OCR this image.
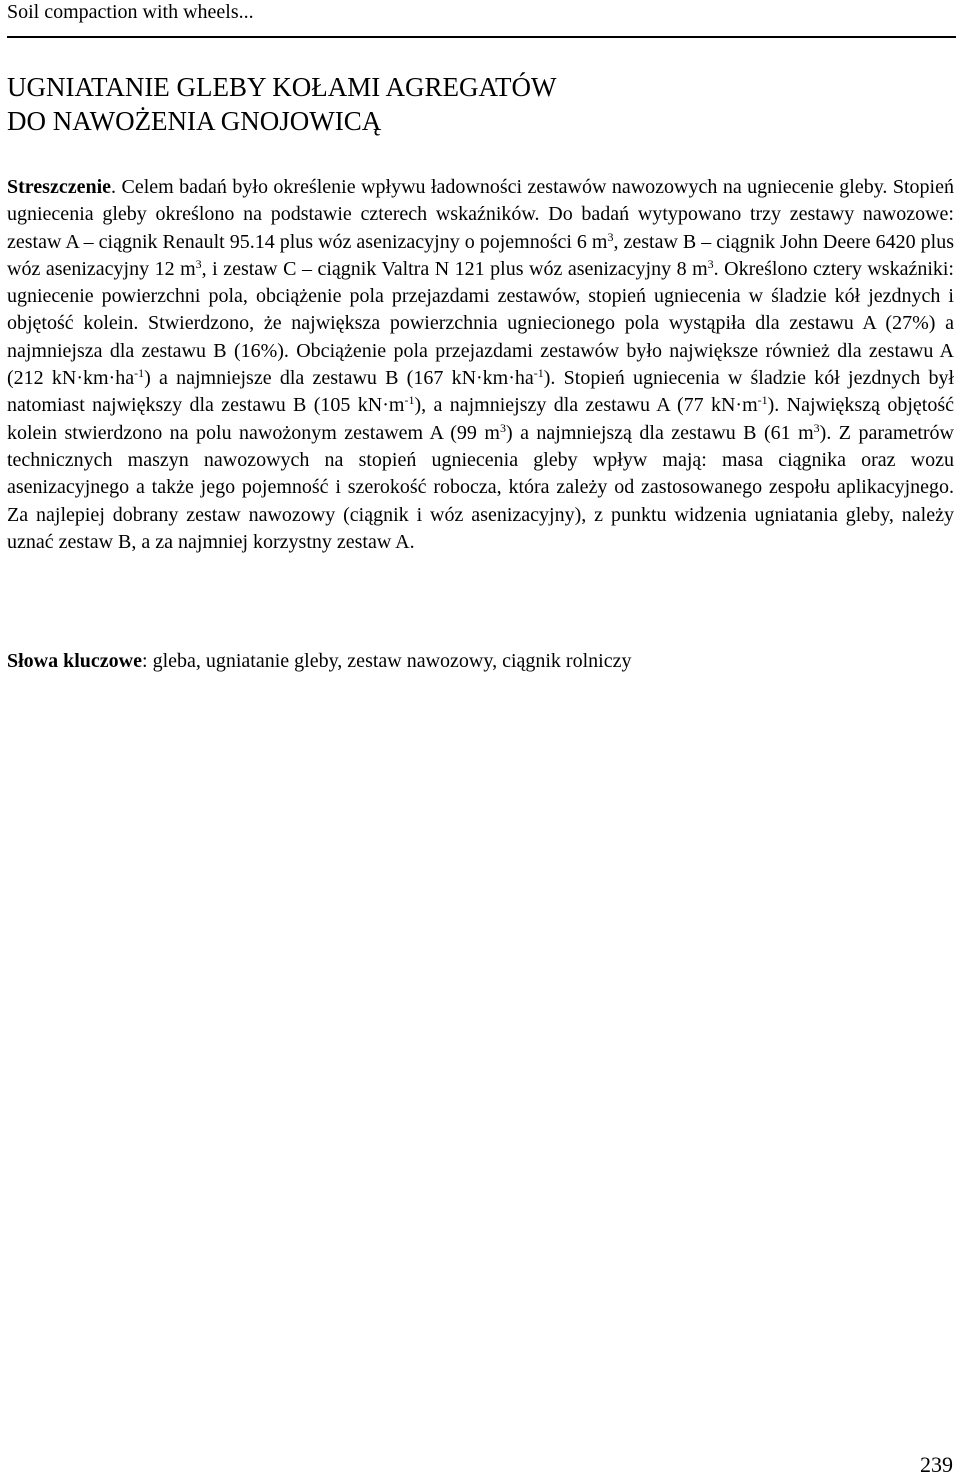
Soil compaction with wheels...
UGNIATANIE GLEBY KOŁAMI AGREGATÓW
DO NAWOŻENIA GNOJOWICĄ

Streszczenie. Celem badań było określenie wpływu ładowności zestawów nawozowych na ugniecenie gleby. Stopień ugniecenia gleby określono na podstawie czterech wskaźników. Do badań wytypowano trzy zestawy nawozowe: zestaw A – ciągnik Renault 95.14 plus wóz asenizacyjny o pojemności 6 $m^3$, zestaw B – ciągnik John Deere 6420 plus wóz asenizacyjny 12 $m^3$, i zestaw C – ciągnik Valtra N 121 plus wóz asenizacyjny 8 $m^3$. Określono cztery wskaźniki: ugniecenie powierzchni pola, obciążenie pola przejazdami zestawów, stopień ugniecenia w śladzie kół jezdnych i objętość kolein. Stwierdzono, że największa powierzchnia ugniecionego pola wystąpiła dla zestawu A (27%) a najmniejsza dla zestawu B (16%). Obciążenie pola przejazdami zestawów było największe również dla zestawu A (212 $kN\cdot km\cdot ha^{-1}$) a najmniejsze dla zestawu B (167 $kN\cdot km\cdot ha^{-1}$). Stopień ugniecenia w śladzie kół jezdnych był natomiast największy dla zestawu B (105 $kN\cdot m^{-1}$), a najmniejszy dla zestawu A (77 $kN\cdot m^{-1}$). Największą objętość kolein stwierdzono na polu nawożonym zestawem A (99 $m^3$) a najmniejszą dla zestawu B (61 $m^3$). Z parametrów technicznych maszyn nawozowych na stopień ugniecenia gleby wpływ mają: masa ciągnika oraz wozu asenizacyjnego a także jego pojemność i szerokość robocza, która zależy od zastosowanego zespołu aplikacyjnego. Za najlepiej dobrany zestaw nawozowy (ciągnik i wóz asenizacyjny), z punktu widzenia ugniatania gleby, należy uznać zestaw B, a za najmniej korzystny zestaw A.

Słowa kluczowe: gleba, ugniatanie gleby, zestaw nawozowy, ciągnik rolniczy

239
